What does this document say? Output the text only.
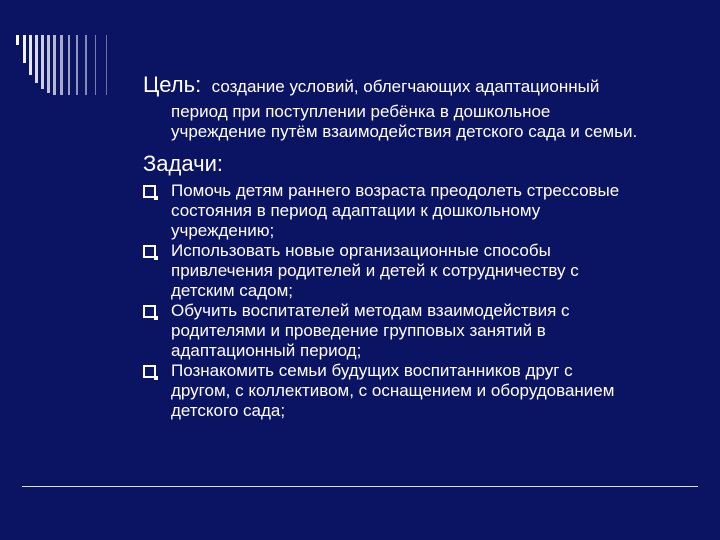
Цель: создание условий, облегчающих адаптационный
период при поступлении ребёнка в дошкольное
учреждение путём взаимодействия детского сада и семьи.
Задачи:
Помочь детям раннего возраста преодолеть стрессовые
состояния в период адаптации к дошкольному
учреждению;
Использовать новые организационные способы
привлечения родителей и детей к сотрудничеству с
детским садом;
Обучить воспитателей методам взаимодействия с
родителями и проведение групповых занятий в
адаптационный период;
Познакомить семьи будущих воспитанников друг с
другом, с коллективом, с оснащением и оборудованием
детского сада;
